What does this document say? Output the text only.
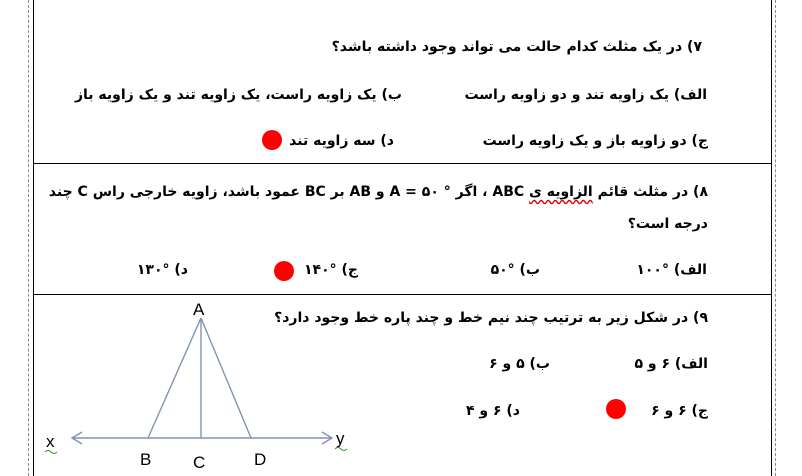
۷) در یک مثلث کدام حالت می تواند وجود داشته باشد؟
الف) یک زاویه تند و دو زاویه راست
ب) یک زاویه راست، یک زاویه تند و یک زاویه باز
ج) دو زاویه باز و یک زاویه راست
د) سه زاویه تند
۸) در مثلث قائم الزاویه ی ABC ، اگر ° ۵۰ = A و AB بر BC عمود باشد، زاویه خارجی راس C چند
درجه است؟
الف) °۱۰۰
ب) °۵۰
ج) °۱۴۰
د) °۱۳۰
۹) در شکل زیر به ترتیب چند نیم خط و چند پاره خط وجود دارد؟
الف) ۶ و ۵
ب) ۵ و ۶
ج) ۶ و ۶
د) ۶ و ۴
A
B C	D
x	y
